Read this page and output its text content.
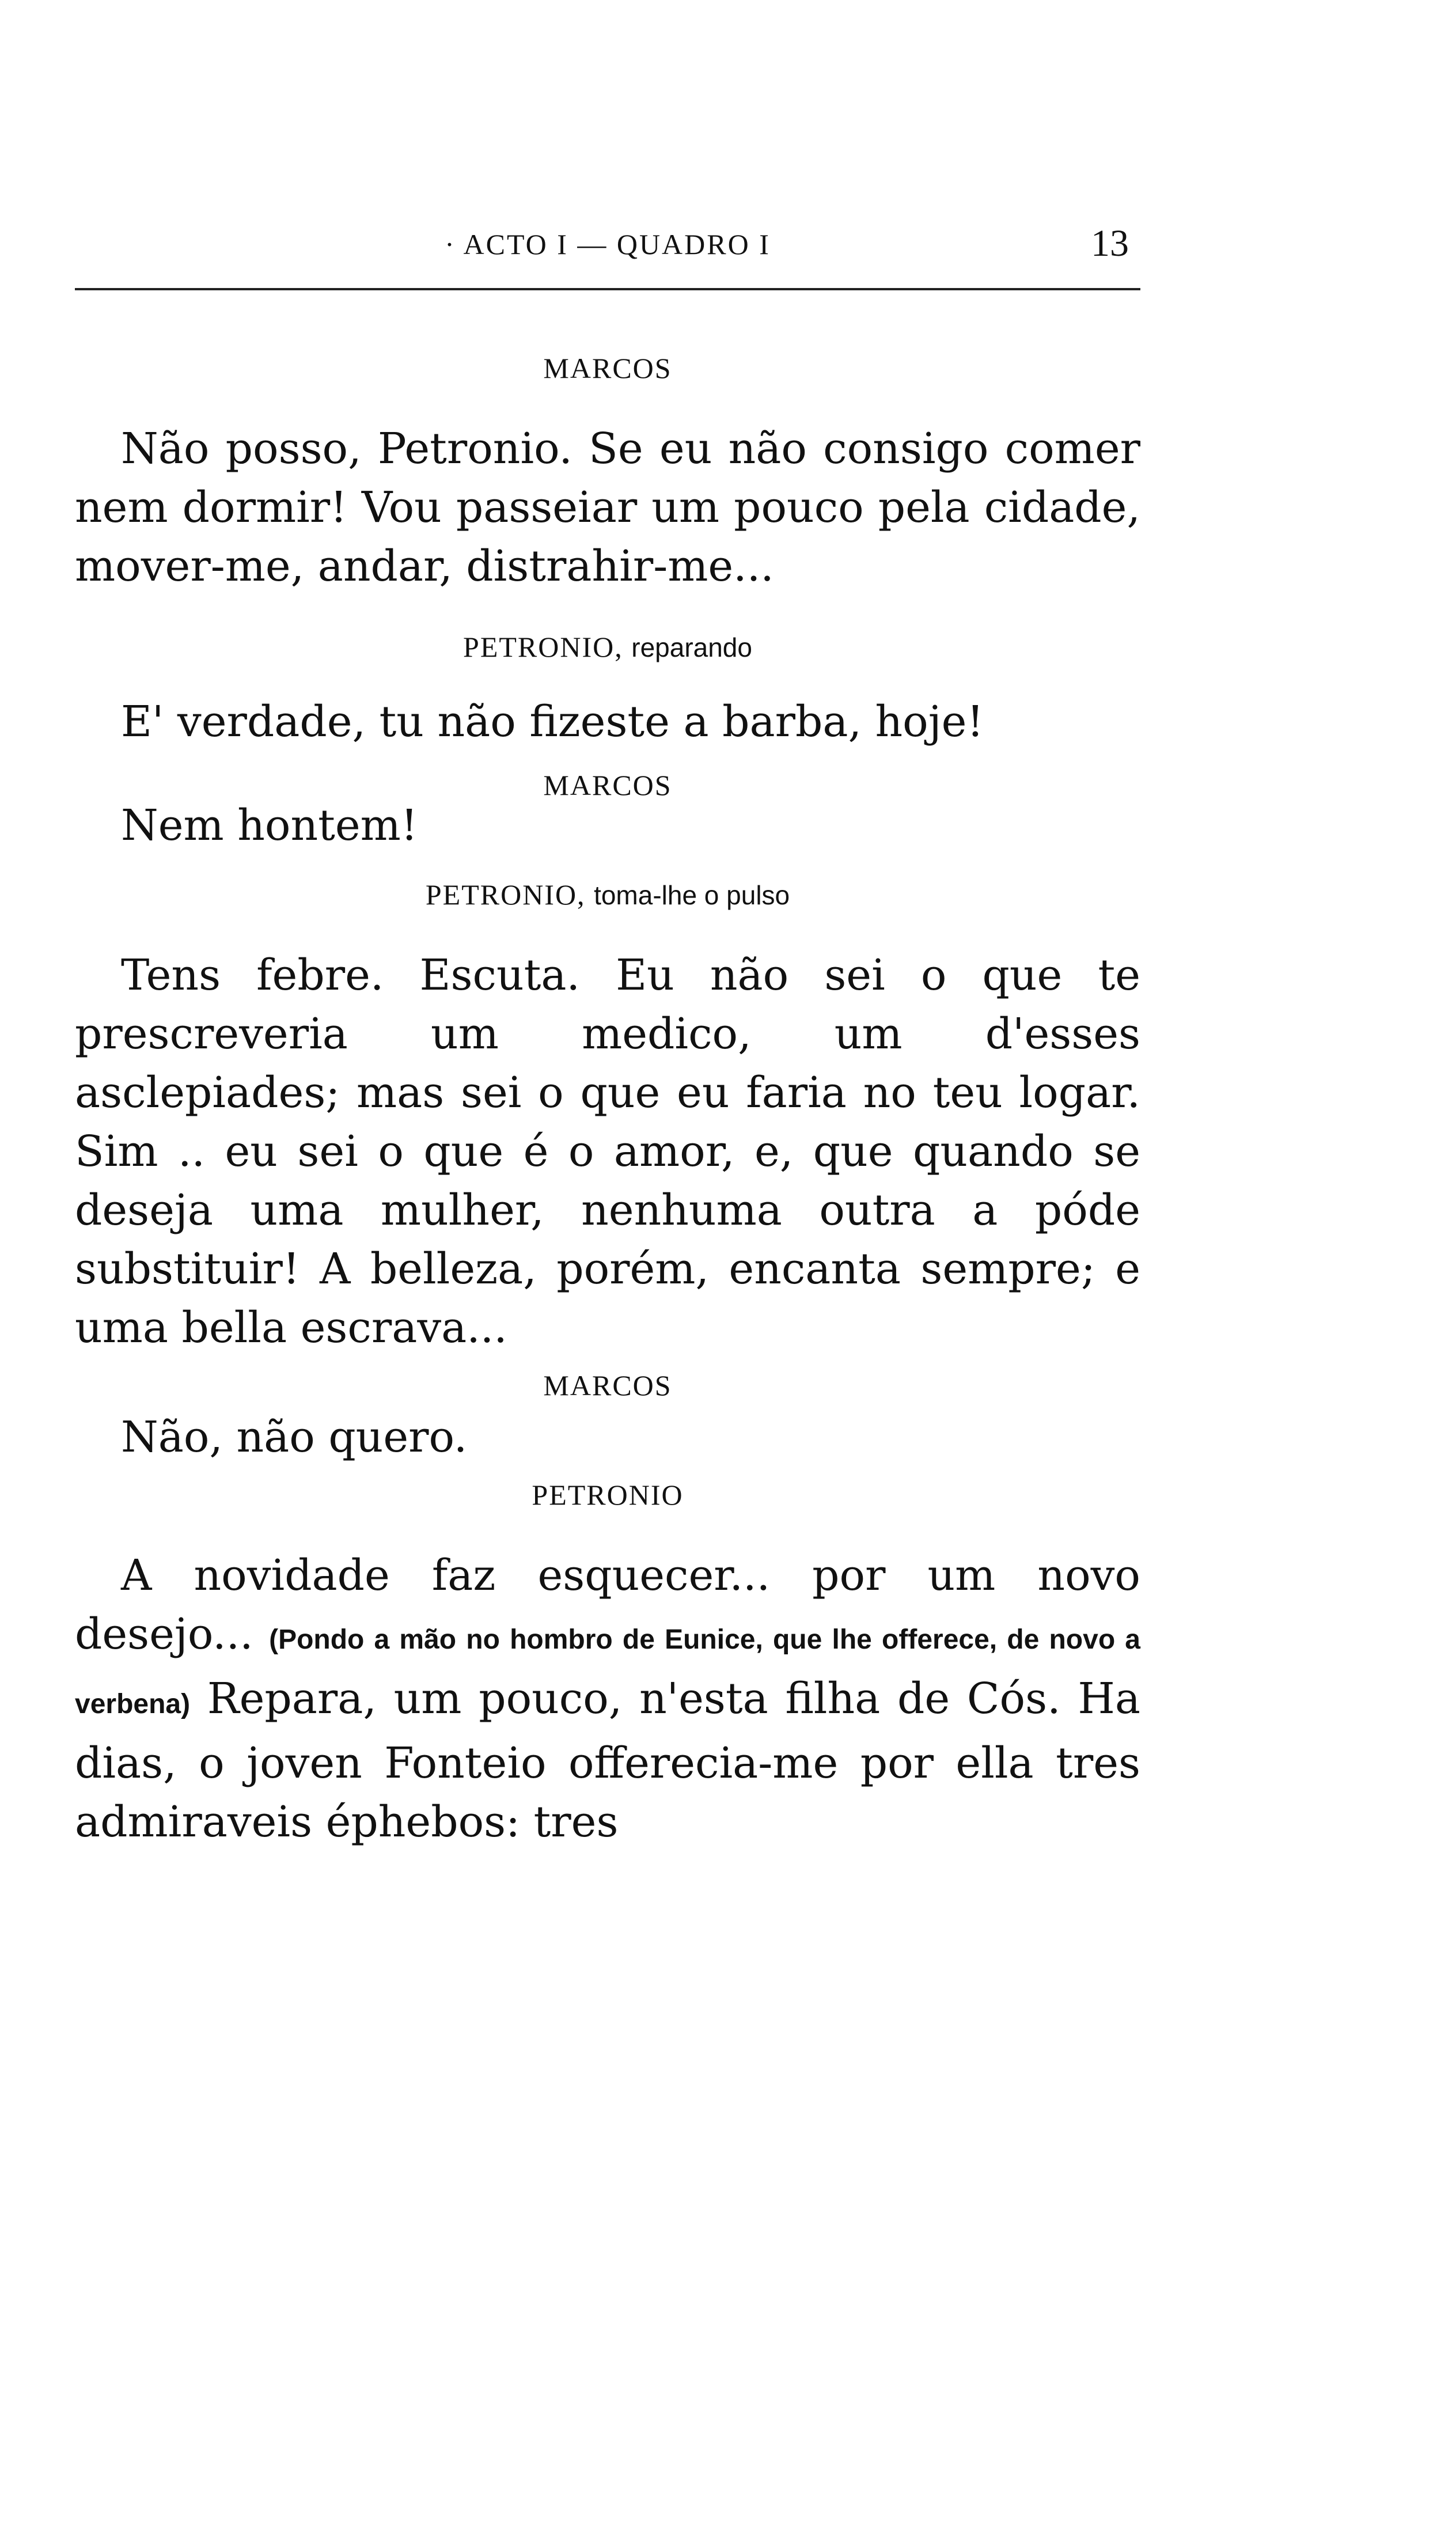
· ACTO I — QUADRO I	13

MARCOS

Não posso, Petronio. Se eu não consigo comer nem dormir! Vou passeiar um pouco pela cidade, mover-me, andar, distrahir-me...

PETRONIO, reparando

E' verdade, tu não fizeste a barba, hoje!

MARCOS

Nem hontem!

PETRONIO, toma-lhe o pulso

Tens febre. Escuta. Eu não sei o que te prescreveria um medico, um d'esses asclepiades; mas sei o que eu faria no teu logar. Sim .. eu sei o que é o amor, e, que quando se deseja uma mulher, nenhuma outra a póde substituir! A belleza, porém, encanta sempre; e uma bella escrava...

MARCOS

Não, não quero.

PETRONIO

A novidade faz esquecer... por um novo desejo... (Pondo a mão no hombro de Eunice, que lhe offerece, de novo a verbena) Repara, um pouco, n'esta filha de Cós. Ha dias, o joven Fonteio offerecia-me por ella tres admiraveis éphebos: tres
